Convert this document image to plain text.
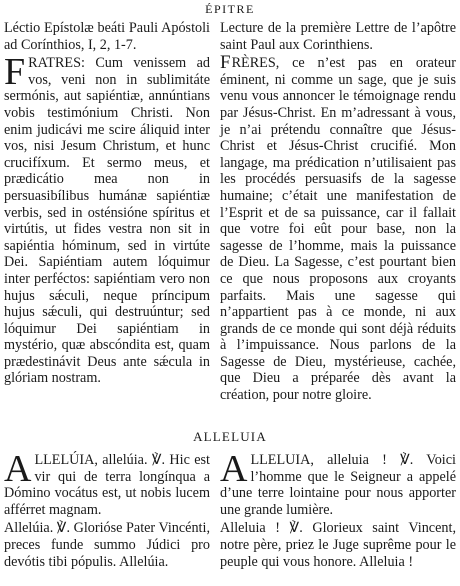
ÉPITRE

Léctio Epístolæ beáti Pauli Apóstoli ad Corínthios, I, 2, 1-7.

FRATRES: Cum venissem ad vos, veni non in sublimitáte sermónis, aut sapiéntiæ, annúntians vobis testimónium Christi. Non enim judicávi me scire áliquid inter vos, nisi Jesum Christum, et hunc crucifíxum. Et sermo meus, et prædicátio mea non in persuasibílibus humánæ sapiéntiæ verbis, sed in osténsióne spíritus et virtútis, ut fides vestra non sit in sapiéntia hóminum, sed in virtúte Dei. Sapiéntiam autem lóquimur inter perféctos: sapiéntiam vero non hujus sǽculi, neque príncipum hujus sǽculi, qui destruúntur; sed lóquimur Dei sapiéntiam in mystério, quæ abscóndita est, quam prædestinávit Deus ante sǽcula in glóriam nostram.

Lecture de la première Lettre de l’apôtre saint Paul aux Corinthiens.

F RÈRES, ce n’est pas en orateur éminent, ni comme un sage, que je suis venu vous annoncer le témoignage rendu par Jésus-Christ. En m’adressant à vous, je n’ai prétendu connaître que Jésus-Christ et Jésus-Christ crucifié. Mon langage, ma prédication n’utilisaient pas les procédés persuasifs de la sagesse humaine; c’était une manifestation de l’Esprit et de sa puissance, car il fallait que votre foi eût pour base, non la sagesse de l’homme, mais la puissance de Dieu. La Sagesse, c’est pourtant bien ce que nous proposons aux croyants parfaits. Mais une sagesse qui n’appartient pas à ce monde, ni aux grands de ce monde qui sont déjà réduits à l’impuissance. Nous parlons de la Sagesse de Dieu, mystérieuse, cachée, que Dieu a préparée dès avant la création, pour notre gloire.

ALLELUIA

ALLELÚIA, allelúia. ℣. Hic est vir qui de terra longínqua a Dómino vocátus est, ut nobis lucem afférret magnam.

Allelúia. ℣. Glorióse Pater Vincénti, preces funde summo Júdici pro devótis tibi pópulis. Allelúia.

ALLELUIA, alleluia ! ℣. Voici l’homme que le Seigneur a appelé d’une terre lointaine pour nous apporter une grande lumière.

Alleluia ! ℣. Glorieux saint Vincent, notre père, priez le Juge suprême pour le peuple qui vous honore. Alleluia !
